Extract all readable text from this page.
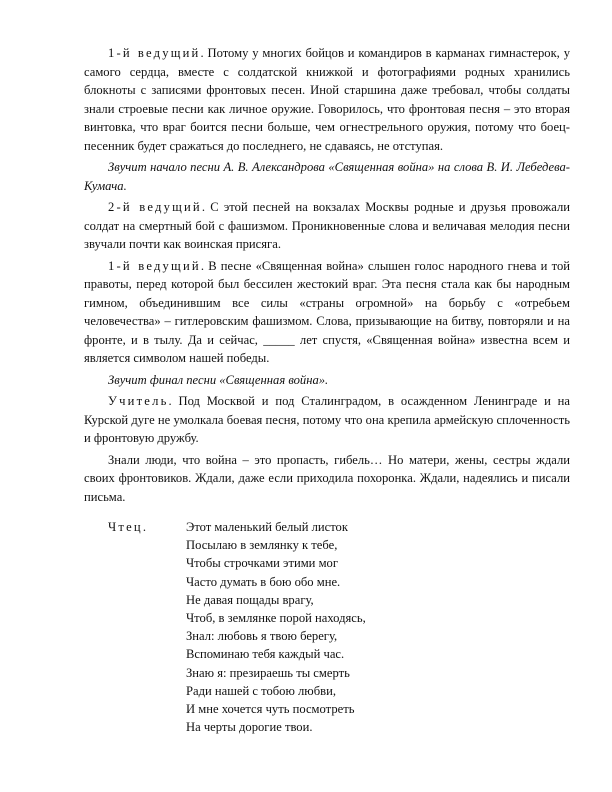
1-й ведущий. Потому у многих бойцов и командиров в карманах гимнастерок, у самого сердца, вместе с солдатской книжкой и фотографиями родных хранились блокноты с записями фронтовых песен. Иной старшина даже требовал, чтобы солдаты знали строевые песни как личное оружие. Говорилось, что фронтовая песня – это вторая винтовка, что враг боится песни больше, чем огнестрельного оружия, потому что боец-песенник будет сражаться до последнего, не сдаваясь, не отступая.

Звучит начало песни А. В. Александрова «Священная война» на слова В. И. Лебедева-Кумача.

2-й ведущий. С этой песней на вокзалах Москвы родные и друзья провожали солдат на смертный бой с фашизмом. Проникновенные слова и величавая мелодия песни звучали почти как воинская присяга.

1-й ведущий. В песне «Священная война» слышен голос народного гнева и той правоты, перед которой был бессилен жестокий враг. Эта песня стала как бы народным гимном, объединившим все силы «страны огромной» на борьбу с «отребьем человечества» – гитлеровским фашизмом. Слова, призывающие на битву, повторяли и на фронте, и в тылу. Да и сейчас, _____ лет спустя, «Священная война» известна всем и является символом нашей победы.

Звучит финал песни «Священная война».

Учитель. Под Москвой и под Сталинградом, в осажденном Ленинграде и на Курской дуге не умолкала боевая песня, потому что она крепила армейскую сплоченность и фронтовую дружбу.

Знали люди, что война – это пропасть, гибель… Но матери, жены, сестры ждали своих фронтовиков. Ждали, даже если приходила похоронка. Ждали, надеялись и писали письма.

Чтец.	Этот маленький белый листок
Посылаю в землянку к тебе,
Чтобы строчками этими мог
Часто думать в бою обо мне.
Не давая пощады врагу,
Чтоб, в землянке порой находясь,
Знал: любовь я твою берегу,
Вспоминаю тебя каждый час.
Знаю я: презираешь ты смерть
Ради нашей с тобою любви,
И мне хочется чуть посмотреть
На черты дорогие твои.
